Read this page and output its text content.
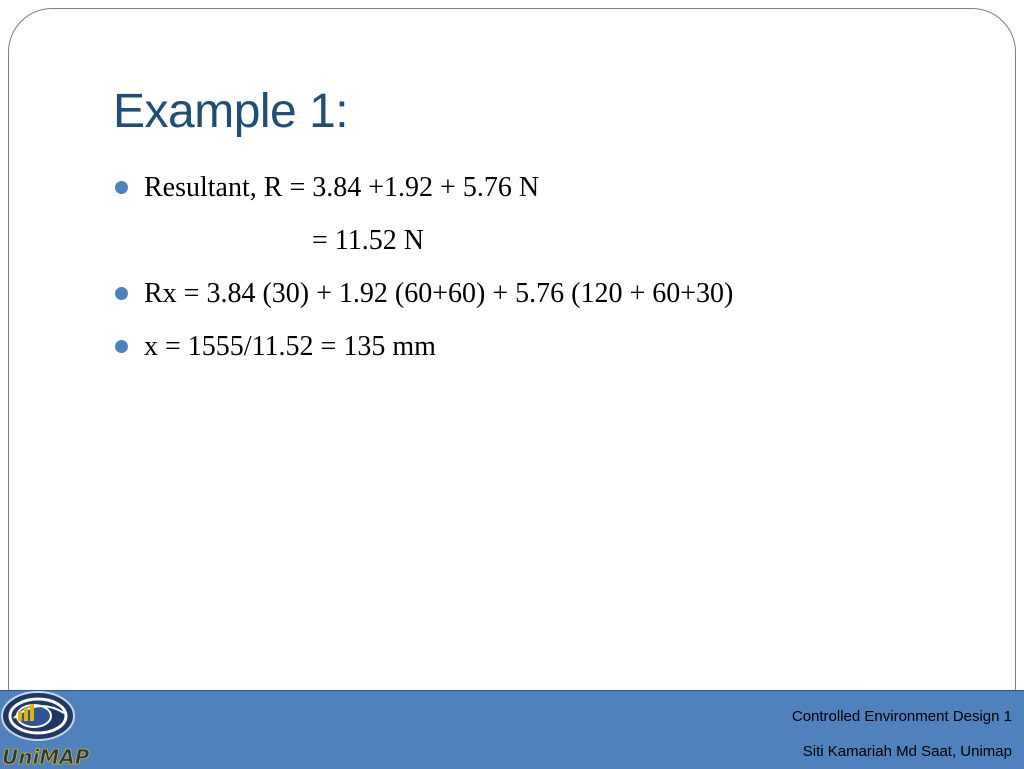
Example 1:
Resultant, R = 3.84 +1.92 + 5.76 N
= 11.52 N
Rx = 3.84 (30) + 1.92 (60+60) + 5.76 (120 + 60+30)
x = 1555/11.52 = 135 mm
UniMAP
Controlled Environment Design 1
Siti Kamariah Md Saat, Unimap
